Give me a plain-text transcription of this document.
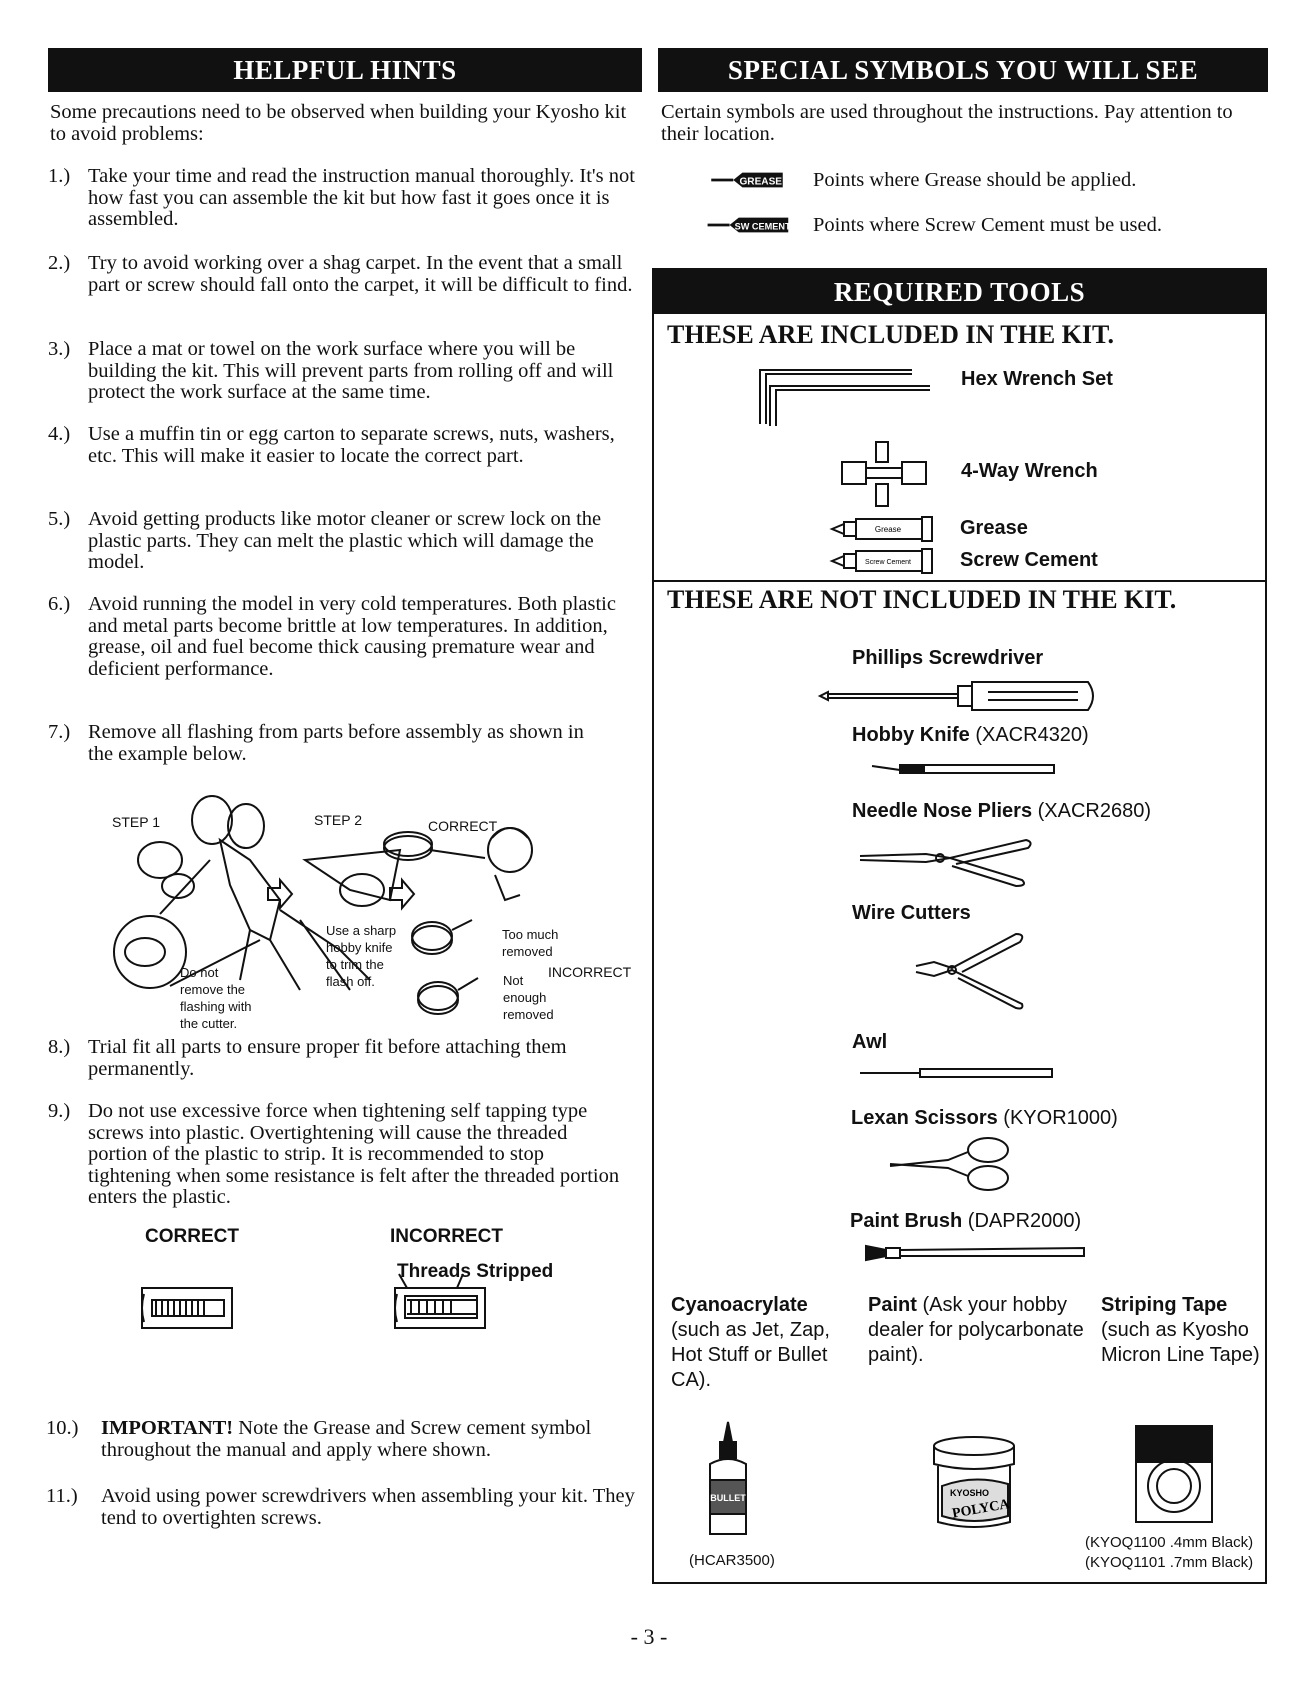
HELPFUL HINTS
Some precautions need to be observed when building your Kyosho kit to avoid problems:
1.) Take your time and read the instruction manual thoroughly. It's not how fast you can assemble the kit but how fast it goes once it is assembled.
2.) Try to avoid working over a shag carpet. In the event that a small part or screw should fall onto the carpet, it will be difficult to find.
3.) Place a mat or towel on the work surface where you will be building the kit. This will prevent parts from rolling off and will protect the work surface at the same time.
4.) Use a muffin tin or egg carton to separate screws, nuts, washers, etc. This will make it easier to locate the correct part.
5.) Avoid getting products like motor cleaner or screw lock on the plastic parts. They can melt the plastic which will damage the model.
6.) Avoid running the model in very cold temperatures. Both plastic and metal parts become brittle at low temperatures. In addition, grease, oil and fuel become thick causing premature wear and deficient performance.
7.) Remove all flashing from parts before assembly as shown in the example below.
STEP 1	STEP 2	CORRECT
INCORRECT
Use a sharp
hobby knife
to trim the
flash off.
Do not
remove the
flashing with
the cutter.
Too much
removed
Not
enough
removed
8.) Trial fit all parts to ensure proper fit before attaching them permanently.
9.) Do not use excessive force when tightening self tapping type screws into plastic. Overtightening will cause the threaded portion of the plastic to strip. It is recommended to stop tightening when some resistance is felt after the threaded portion enters the plastic.
CORRECT	INCORRECT
Threads Stripped
10.) IMPORTANT! Note the Grease and Screw cement symbol throughout the manual and apply where shown.
11.) Avoid using power screwdrivers when assembling your kit. They tend to overtighten screws.
SPECIAL SYMBOLS YOU WILL SEE
Certain symbols are used throughout the instructions. Pay attention to their location.
GREASE Points where Grease should be applied.
SW CEMENT Points where Screw Cement must be used.
REQUIRED TOOLS
THESE ARE INCLUDED IN THE KIT.
Hex Wrench Set
4-Way Wrench
Grease	Grease
Screw Cement Screw Cement
THESE ARE NOT INCLUDED IN THE KIT.
Phillips Screwdriver
Hobby Knife (XACR4320)
Needle Nose Pliers (XACR2680)
Wire Cutters
Awl
Lexan Scissors (KYOR1000)
Paint Brush (DAPR2000)
Cyanoacrylate
(such as Jet, Zap, Hot Stuff or Bullet CA).
Paint (Ask your hobby dealer for polycarbonate paint).
Striping Tape
(such as Kyosho Micron Line Tape)
BULLET	KYOSHO
POLYCA
(HCAR3500)
(KYOQ1100 .4mm Black)
(KYOQ1101 .7mm Black)
- 3 -
